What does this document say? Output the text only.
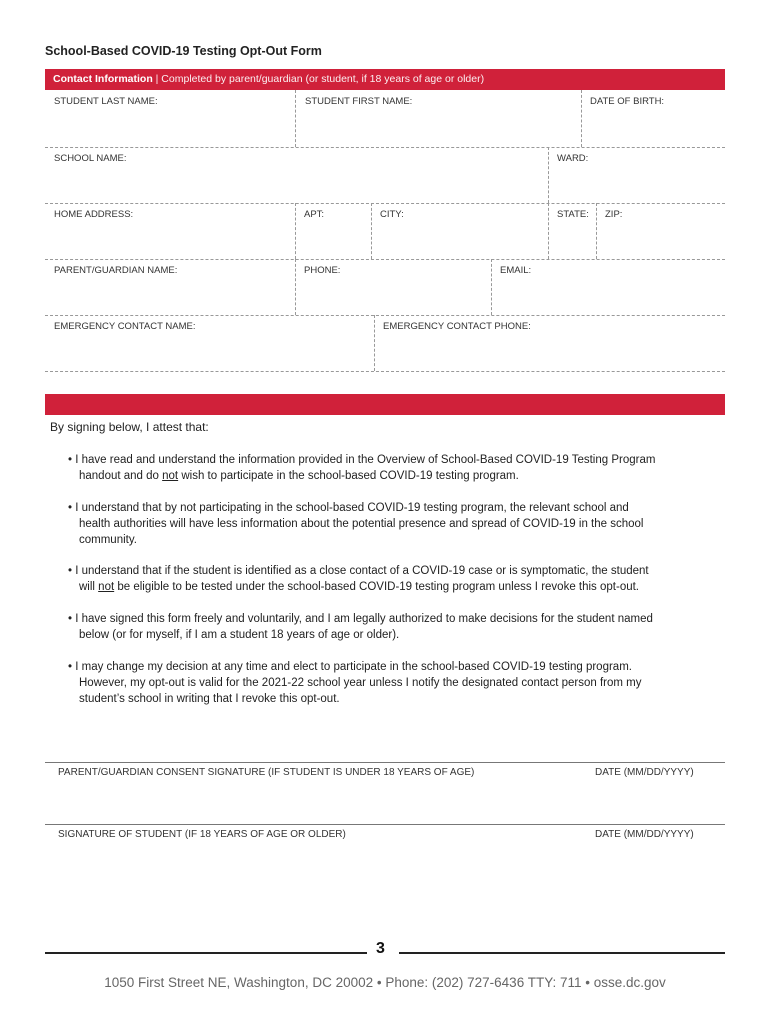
School-Based COVID-19 Testing Opt-Out Form
Contact Information | Completed by parent/guardian (or student, if 18 years of age or older)
STUDENT LAST NAME:	STUDENT FIRST NAME:	DATE OF BIRTH:
SCHOOL NAME:	WARD:
HOME ADDRESS:	APT:	CITY:	STATE:	ZIP:
PARENT/GUARDIAN NAME:	PHONE:	EMAIL:
EMERGENCY CONTACT NAME:	EMERGENCY CONTACT PHONE:
By signing below, I attest that:
• I have read and understand the information provided in the Overview of School-Based COVID-19 Testing Program
handout and do not wish to participate in the school-based COVID-19 testing program.
• I understand that by not participating in the school-based COVID-19 testing program, the relevant school and
health authorities will have less information about the potential presence and spread of COVID-19 in the school
community.
• I understand that if the student is identified as a close contact of a COVID-19 case or is symptomatic, the student
will not be eligible to be tested under the school-based COVID-19 testing program unless I revoke this opt-out.
• I have signed this form freely and voluntarily, and I am legally authorized to make decisions for the student named
below (or for myself, if I am a student 18 years of age or older).
• I may change my decision at any time and elect to participate in the school-based COVID-19 testing program.
However, my opt-out is valid for the 2021-22 school year unless I notify the designated contact person from my
student’s school in writing that I revoke this opt-out.
PARENT/GUARDIAN CONSENT SIGNATURE (IF STUDENT IS UNDER 18 YEARS OF AGE)	DATE (MM/DD/YYYY)
SIGNATURE OF STUDENT (IF 18 YEARS OF AGE OR OLDER)	DATE (MM/DD/YYYY)
3
1050 First Street NE, Washington, DC 20002 • Phone: (202) 727-6436 TTY: 711 • osse.dc.gov
